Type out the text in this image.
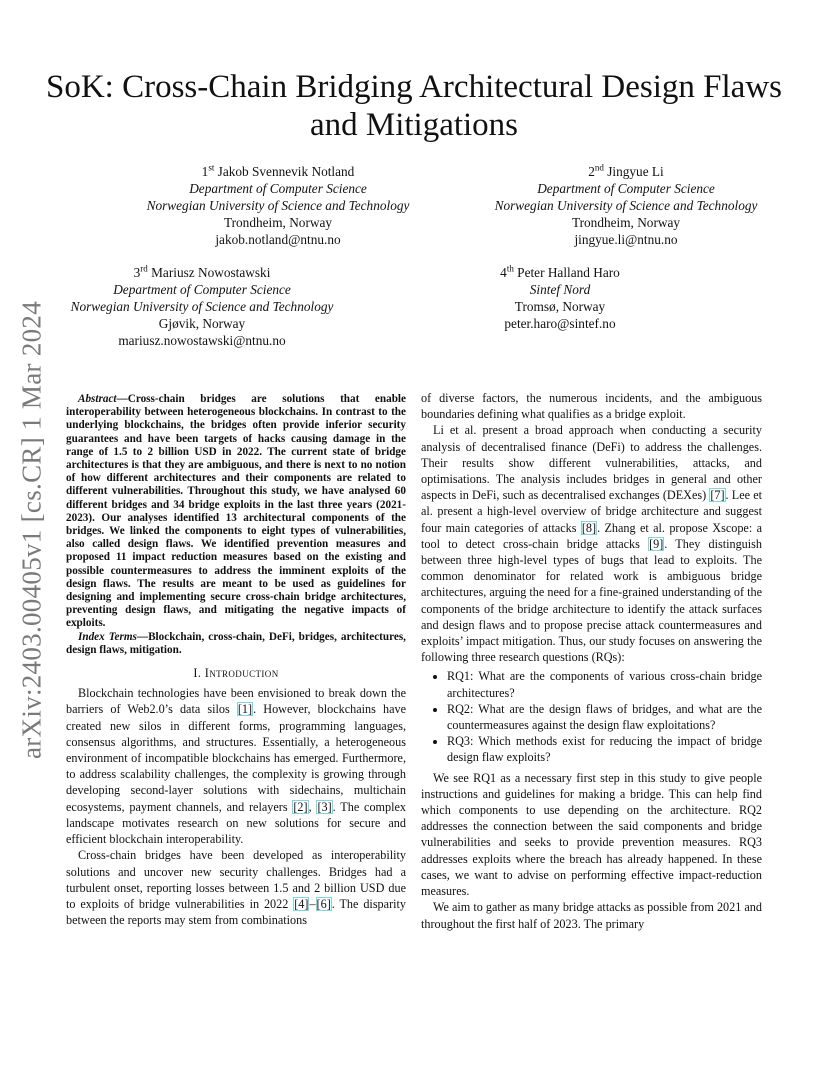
arXiv:2403.00405v1 [cs.CR] 1 Mar 2024
SoK: Cross-Chain Bridging Architectural Design Flaws and Mitigations
1st Jakob Svennevik Notland
Department of Computer Science
Norwegian University of Science and Technology
Trondheim, Norway
jakob.notland@ntnu.no
2nd Jingyue Li
Department of Computer Science
Norwegian University of Science and Technology
Trondheim, Norway
jingyue.li@ntnu.no
3rd Mariusz Nowostawski
Department of Computer Science
Norwegian University of Science and Technology
Gjøvik, Norway
mariusz.nowostawski@ntnu.no
4th Peter Halland Haro
Sintef Nord
Tromsø, Norway
peter.haro@sintef.no

Abstract—Cross-chain bridges are solutions that enable interoperability between heterogeneous blockchains. In contrast to the underlying blockchains, the bridges often provide inferior security guarantees and have been targets of hacks causing damage in the range of 1.5 to 2 billion USD in 2022. The current state of bridge architectures is that they are ambiguous, and there is next to no notion of how different architectures and their components are related to different vulnerabilities. Throughout this study, we have analysed 60 different bridges and 34 bridge exploits in the last three years (2021-2023). Our analyses identified 13 architectural components of the bridges. We linked the components to eight types of vulnerabilities, also called design flaws. We identified prevention measures and proposed 11 impact reduction measures based on the existing and possible countermeasures to address the imminent exploits of the design flaws. The results are meant to be used as guidelines for designing and implementing secure cross-chain bridge architectures, preventing design flaws, and mitigating the negative impacts of exploits.

Index Terms—Blockchain, cross-chain, DeFi, bridges, architectures, design flaws, mitigation.

I. Introduction

Blockchain technologies have been envisioned to break down the barriers of Web2.0’s data silos [1]. However, blockchains have created new silos in different forms, programming languages, consensus algorithms, and structures. Essentially, a heterogeneous environment of incompatible blockchains has emerged. Furthermore, to address scalability challenges, the complexity is growing through developing second-layer solutions with sidechains, multichain ecosystems, payment channels, and relayers [2], [3]. The complex landscape motivates research on new solutions for secure and efficient blockchain interoperability.

Cross-chain bridges have been developed as interoperability solutions and uncover new security challenges. Bridges had a turbulent onset, reporting losses between 1.5 and 2 billion USD due to exploits of bridge vulnerabilities in 2022 [4]–[6]. The disparity between the reports may stem from combinations

of diverse factors, the numerous incidents, and the ambiguous boundaries defining what qualifies as a bridge exploit.

Li et al. present a broad approach when conducting a security analysis of decentralised finance (DeFi) to address the challenges. Their results show different vulnerabilities, attacks, and optimisations. The analysis includes bridges in general and other aspects in DeFi, such as decentralised exchanges (DEXes) [7]. Lee et al. present a high-level overview of bridge architecture and suggest four main categories of attacks [8]. Zhang et al. propose Xscope: a tool to detect cross-chain bridge attacks [9]. They distinguish between three high-level types of bugs that lead to exploits. The common denominator for related work is ambiguous bridge architectures, arguing the need for a fine-grained understanding of the components of the bridge architecture to identify the attack surfaces and design flaws and to propose precise attack countermeasures and exploits’ impact mitigation. Thus, our study focuses on answering the following three research questions (RQs):

• RQ1: What are the components of various cross-chain bridge architectures?
• RQ2: What are the design flaws of bridges, and what are the countermeasures against the design flaw exploitations?
• RQ3: Which methods exist for reducing the impact of bridge design flaw exploits?

We see RQ1 as a necessary first step in this study to give people instructions and guidelines for making a bridge. This can help find which components to use depending on the architecture. RQ2 addresses the connection between the said components and bridge vulnerabilities and seeks to provide prevention measures. RQ3 addresses exploits where the breach has already happened. In these cases, we want to advise on performing effective impact-reduction measures.

We aim to gather as many bridge attacks as possible from 2021 and throughout the first half of 2023. The primary
